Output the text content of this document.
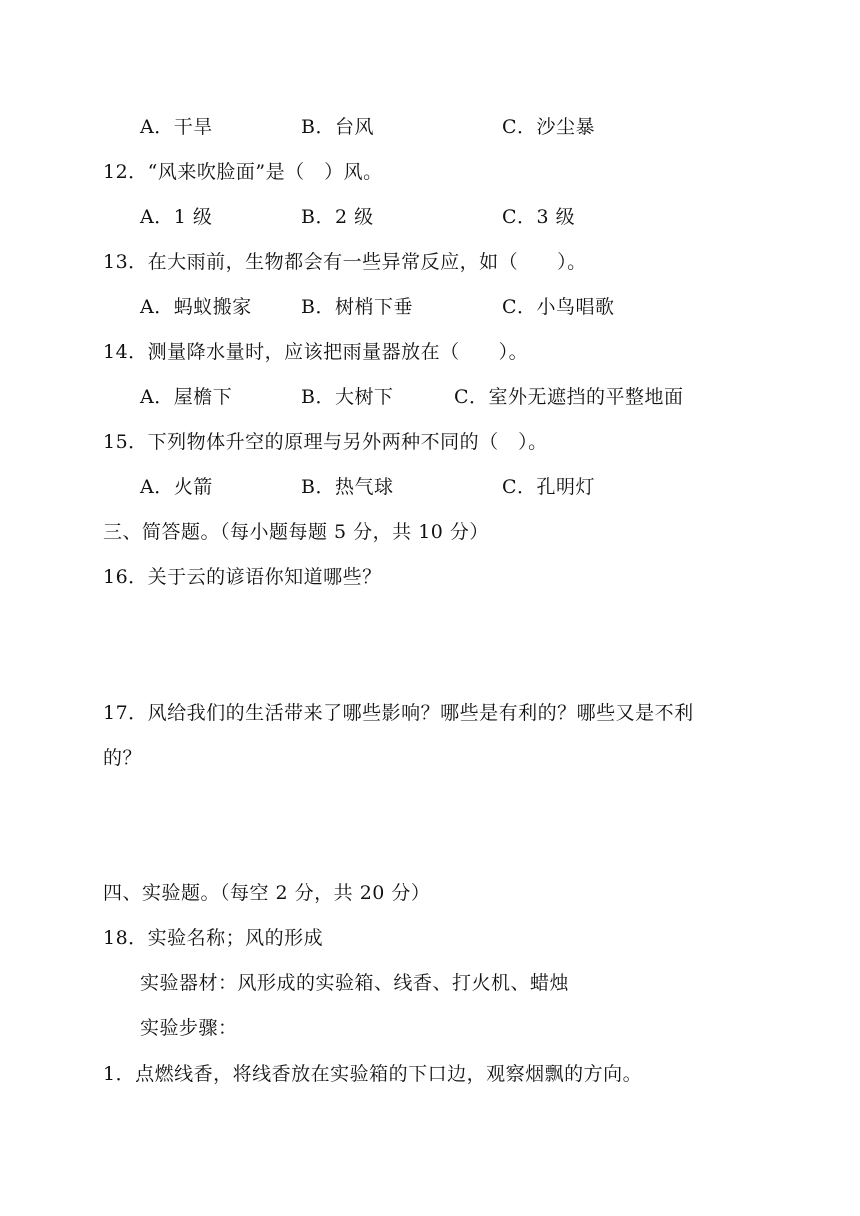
A．干旱	B．台风	C．沙尘暴
12．“风来吹脸面”是（　）风。
A．1 级	B．2 级	C．3 级
13．在大雨前，生物都会有一些异常反应，如（　　）。
A．蚂蚁搬家	B．树梢下垂	C．小鸟唱歌
14．测量降水量时，应该把雨量器放在（　　）。
A．屋檐下	B．大树下	C．室外无遮挡的平整地面
15．下列物体升空的原理与另外两种不同的（　）。
A．火箭	B．热气球	C．孔明灯
三、简答题。（每小题每题 5 分，共 10 分）
16．关于云的谚语你知道哪些？
17．风给我们的生活带来了哪些影响？哪些是有利的？哪些又是不利
的？
四、实验题。（每空 2 分，共 20 分）
18．实验名称；风的形成
实验器材：风形成的实验箱、线香、打火机、蜡烛
实验步骤：
1．点燃线香，将线香放在实验箱的下口边，观察烟飘的方向。
